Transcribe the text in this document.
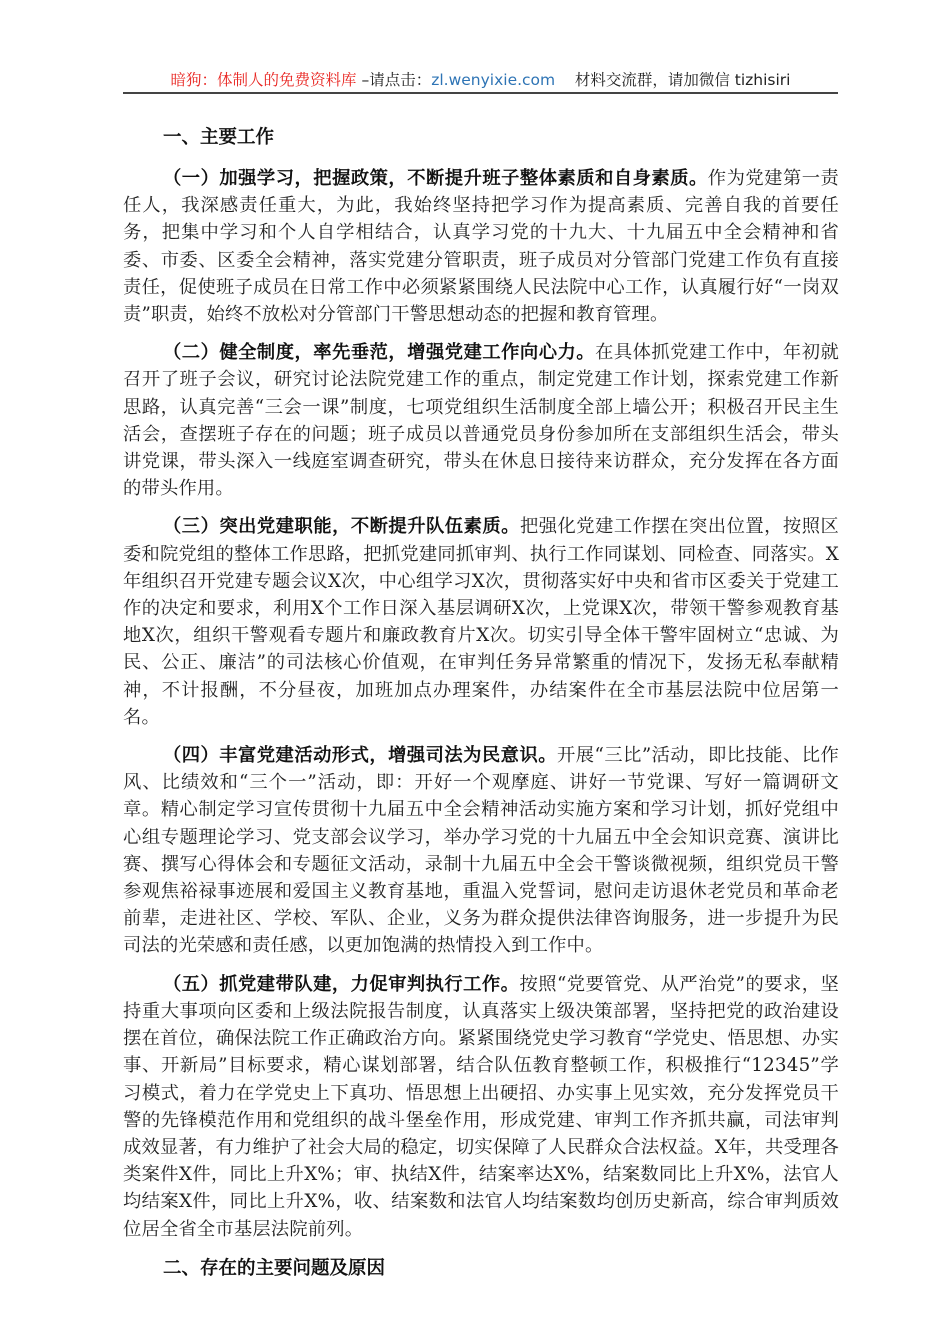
暗狗：体制人的免费资料库 –请点击：zl.wenyixie.com    材料交流群，请加微信 tizhisiri
一、主要工作

（一）加强学习，把握政策，不断提升班子整体素质和自身素质。作为党建第一责任人，我深感责任重大，为此，我始终坚持把学习作为提高素质、完善自我的首要任务，把集中学习和个人自学相结合，认真学习党的十九大、十九届五中全会精神和省委、市委、区委全会精神，落实党建分管职责，班子成员对分管部门党建工作负有直接责任，促使班子成员在日常工作中必须紧紧围绕人民法院中心工作，认真履行好“一岗双责”职责，始终不放松对分管部门干警思想动态的把握和教育管理。

（二）健全制度，率先垂范，增强党建工作向心力。在具体抓党建工作中，年初就召开了班子会议，研究讨论法院党建工作的重点，制定党建工作计划，探索党建工作新思路，认真完善“三会一课”制度，七项党组织生活制度全部上墙公开；积极召开民主生活会，查摆班子存在的问题；班子成员以普通党员身份参加所在支部组织生活会，带头讲党课，带头深入一线庭室调查研究，带头在休息日接待来访群众，充分发挥在各方面的带头作用。

（三）突出党建职能，不断提升队伍素质。把强化党建工作摆在突出位置，按照区委和院党组的整体工作思路，把抓党建同抓审判、执行工作同谋划、同检查、同落实。X年组织召开党建专题会议X次，中心组学习X次，贯彻落实好中央和省市区委关于党建工作的决定和要求，利用X个工作日深入基层调研X次，上党课X次，带领干警参观教育基地X次，组织干警观看专题片和廉政教育片X次。切实引导全体干警牢固树立“忠诚、为民、公正、廉洁”的司法核心价值观，在审判任务异常繁重的情况下，发扬无私奉献精神，不计报酬，不分昼夜，加班加点办理案件，办结案件在全市基层法院中位居第一名。

（四）丰富党建活动形式，增强司法为民意识。开展“三比”活动，即比技能、比作风、比绩效和“三个一”活动，即：开好一个观摩庭、讲好一节党课、写好一篇调研文章。精心制定学习宣传贯彻十九届五中全会精神活动实施方案和学习计划，抓好党组中心组专题理论学习、党支部会议学习，举办学习党的十九届五中全会知识竞赛、演讲比赛、撰写心得体会和专题征文活动，录制十九届五中全会干警谈微视频，组织党员干警参观焦裕禄事迹展和爱国主义教育基地，重温入党誓词，慰问走访退休老党员和革命老前辈，走进社区、学校、军队、企业，义务为群众提供法律咨询服务，进一步提升为民司法的光荣感和责任感，以更加饱满的热情投入到工作中。

（五）抓党建带队建，力促审判执行工作。按照“党要管党、从严治党”的要求，坚持重大事项向区委和上级法院报告制度，认真落实上级决策部署，坚持把党的政治建设摆在首位，确保法院工作正确政治方向。紧紧围绕党史学习教育“学党史、悟思想、办实事、开新局”目标要求，精心谋划部署，结合队伍教育整顿工作，积极推行“12345”学习模式，着力在学党史上下真功、悟思想上出硬招、办实事上见实效，充分发挥党员干警的先锋模范作用和党组织的战斗堡垒作用，形成党建、审判工作齐抓共赢，司法审判成效显著，有力维护了社会大局的稳定，切实保障了人民群众合法权益。X年，共受理各类案件X件，同比上升X%；审、执结X件，结案率达X%，结案数同比上升X%，法官人均结案X件，同比上升X%，收、结案数和法官人均结案数均创历史新高，综合审判质效位居全省全市基层法院前列。

二、存在的主要问题及原因
